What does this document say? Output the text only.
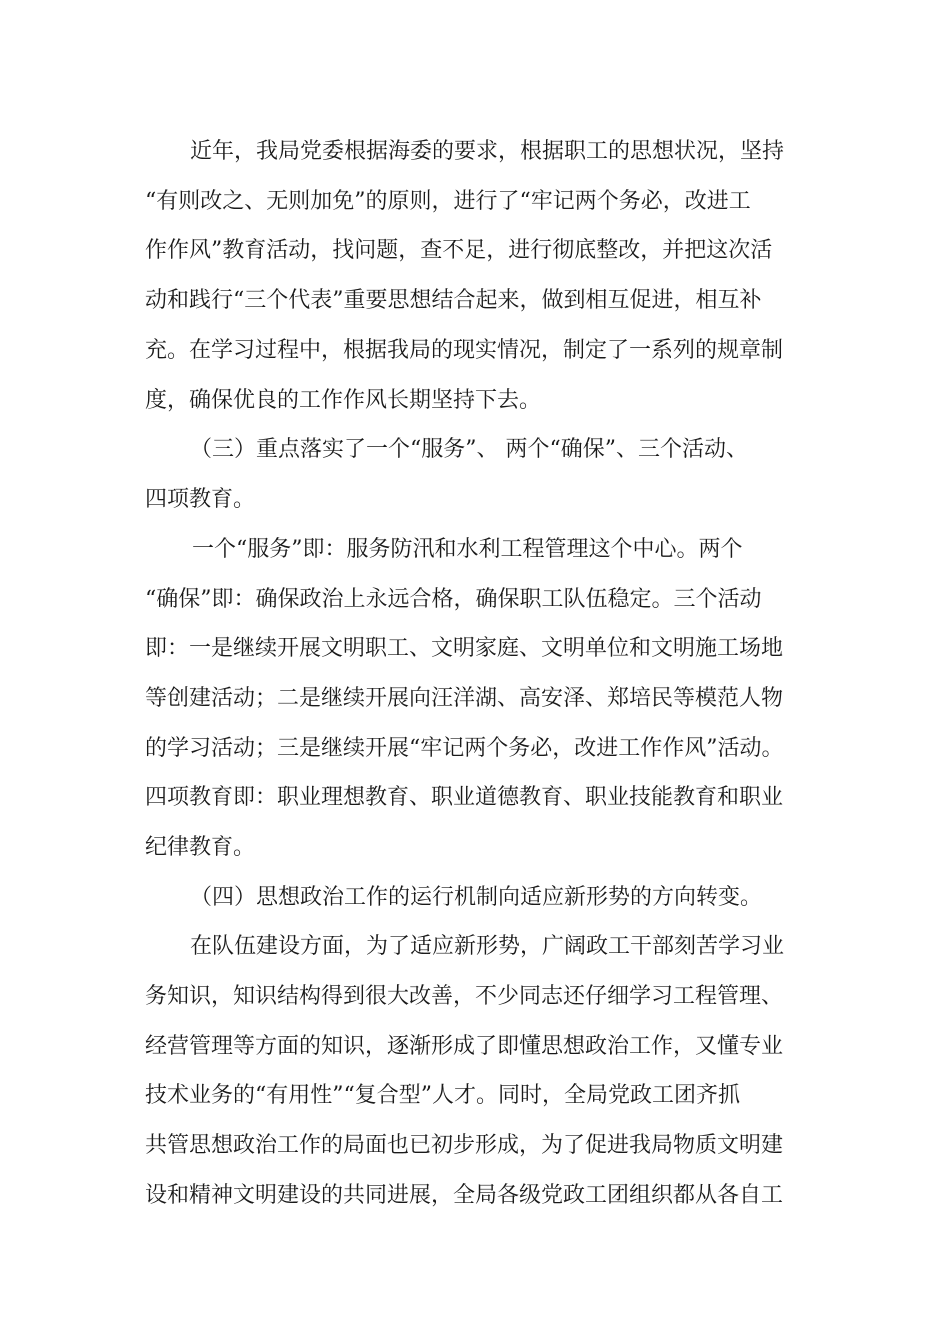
近年，我局党委根据海委的要求，根据职工的思想状况，坚持

“有则改之、无则加免”的原则，进行了“牢记两个务必，改进工

作作风”教育活动，找问题，查不足，进行彻底整改，并把这次活

动和践行“三个代表”重要思想结合起来，做到相互促进，相互补

充。在学习过程中，根据我局的现实情况，制定了一系列的规章制

度，确保优良的工作作风长期坚持下去。

（三）重点落实了一个“服务”、 两个“确保”、三个活动、

四项教育。

一个“服务”即：服务防汛和水利工程管理这个中心。两个

“确保”即：确保政治上永远合格，确保职工队伍稳定。三个活动

即：一是继续开展文明职工、文明家庭、文明单位和文明施工场地

等创建活动；二是继续开展向汪洋湖、高安泽、郑培民等模范人物

的学习活动；三是继续开展“牢记两个务必，改进工作作风”活动。

四项教育即：职业理想教育、职业道德教育、职业技能教育和职业

纪律教育。

（四）思想政治工作的运行机制向适应新形势的方向转变。

在队伍建设方面，为了适应新形势，广阔政工干部刻苦学习业

务知识，知识结构得到很大改善，不少同志还仔细学习工程管理、

经营管理等方面的知识，逐渐形成了即懂思想政治工作，又懂专业

技术业务的“有用性”“复合型”人才。同时，全局党政工团齐抓

共管思想政治工作的局面也已初步形成，为了促进我局物质文明建

设和精神文明建设的共同进展，全局各级党政工团组织都从各自工
